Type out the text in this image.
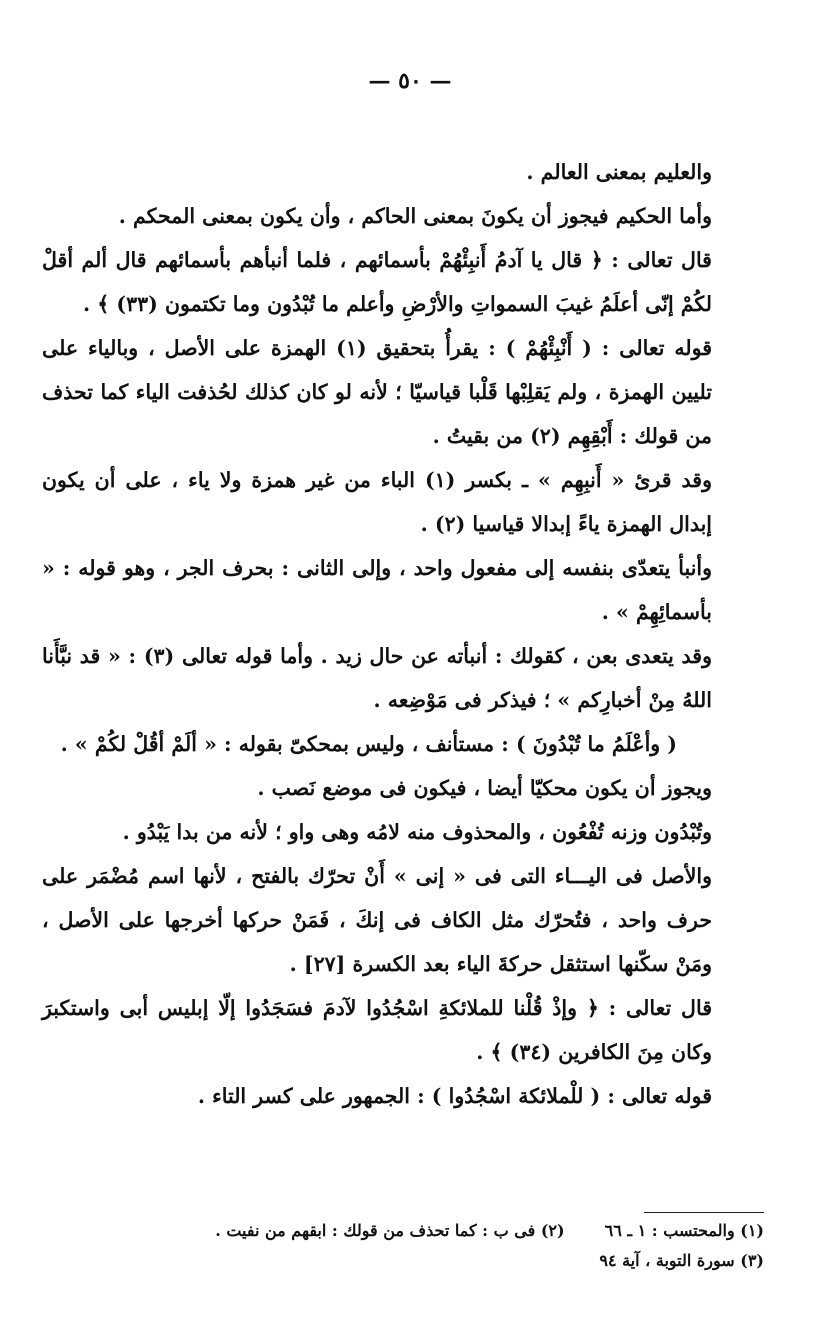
— ٥٠ —

والعليم بمعنى العالم .

وأما الحكيم فيجوز أن يكونَ بمعنى الحاكم ، وأن يكون بمعنى المحكم .

قال تعالى : ﴿ قال يا آدمُ أَنبِئْهُمْ بأسمائهم ، فلما أنبأهم بأسمائهم قال ألم أقلْ لكُمْ إنّى أعلَمُ غيبَ السمواتِ والأرْضِ وأعلم ما تُبْدُون وما تكتمون (٣٣) ﴾ .

قوله تعالى : ( أَنْبِئْهُمْ ) : يقرأُ بتحقيق (١) الهمزة على الأصل ، وبالياء على تليين الهمزة ، ولم يَقلِبْها قَلْبا قياسيّا ؛ لأنه لو كان كذلك لحُذفت الياء كما تحذف من قولك : أَبْقِهِم (٢) من بقيتُ .

وقد قرئ « أَنبِهِم » ـ بكسر (١) الباء من غير همزة ولا ياء ، على أن يكون إبدال الهمزة ياءً إبدالا قياسيا (٢) .

وأنبأ يتعدّى بنفسه إلى مفعول واحد ، وإلى الثانى : بحرف الجر ، وهو قوله : « بأسمائِهِمْ » .

وقد يتعدى بعن ، كقولك : أنبأته عن حال زيد . وأما قوله تعالى (٣) : « قد نبَّأَنا اللهُ مِنْ أخبارِكم » ؛ فيذكر فى مَوْضِعه .

( وأعْلَمُ ما تُبْدُونَ ) : مستأنف ، وليس بمحكىّ بقوله : « ألَمْ أقُلْ لكُمْ » .

ويجوز أن يكون محكيّا أيضا ، فيكون فى موضع نَصب .

وتُبْدُون وزنه تُفْعُون ، والمحذوف منه لامُه وهى واو ؛ لأنه من بدا يَبْدُو .

والأصل فى اليـــاء التى فى « إنى » أَنْ تحرّك بالفتح ، لأنها اسم مُضْمَر على حرف واحد ، فتُحرّك مثل الكاف فى إنكَ ، فَمَنْ حركها أخرجها على الأصل ، ومَنْ سكّنها استثقل حركةَ الياء بعد الكسرة [٢٧] .

قال تعالى : ﴿ وإذْ قُلْنا للملائكةِ اسْجُدُوا لآدمَ فسَجَدُوا إلّا إبليس أبى واستكبرَ وكان مِنَ الكافرين (٣٤) ﴾ .

قوله تعالى : ( للْملائكة اسْجُدُوا ) : الجمهور على كسر التاء .

(١) والمحتسب : ١ ـ ٦٦
(٢) فى ب : كما تحذف من قولك : ابقهم من نفيت .
(٣) سورة التوبة ، آية ٩٤
